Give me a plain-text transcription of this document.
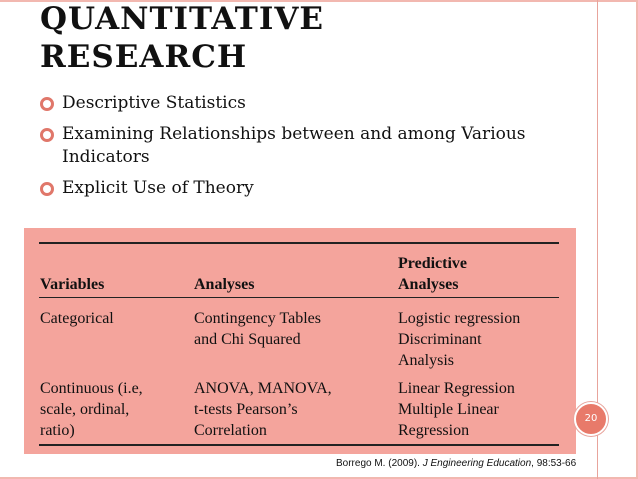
QUANTITATIVE
RESEARCH
Descriptive Statistics
Examining Relationships between and among Various Indicators
Explicit Use of Theory
Variables	Analyses
Predictive
Analyses
Categorical	Contingency Tables
and Chi Squared
Logistic regression
Discriminant
Analysis
Continuous (i.e,
scale, ordinal,
ratio)
ANOVA, MANOVA,
t-tests Pearson’s
Correlation
Linear Regression
Multiple Linear
Regression
20
Borrego M. (2009). J Engineering Education, 98:53-66
